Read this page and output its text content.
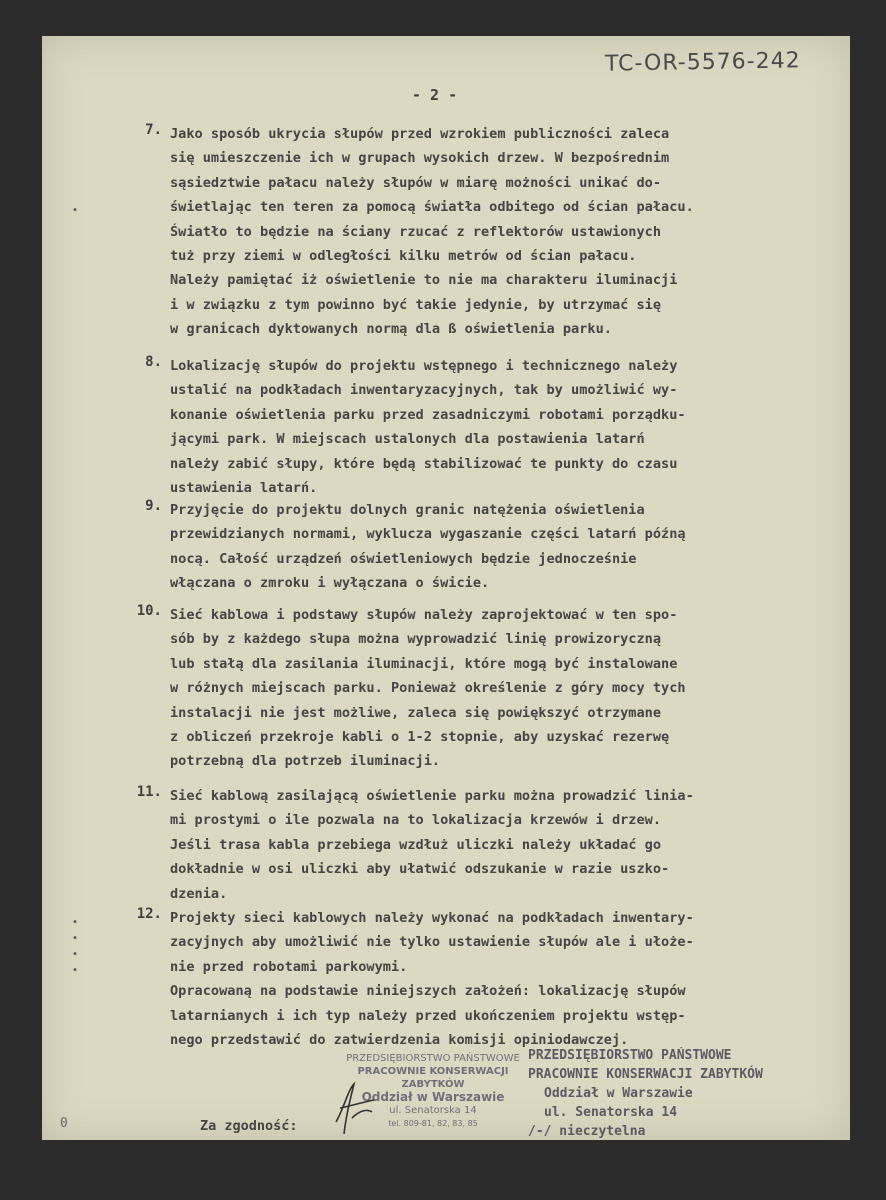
TC-OR-5576-242
- 2 -
•
•
•
•
•
7. Jako sposób ukrycia słupów przed wzrokiem publiczności zaleca
się umieszczenie ich w grupach wysokich drzew. W bezpośrednim
sąsiedztwie pałacu należy słupów w miarę możności unikać do-
świetlając ten teren za pomocą światła odbitego od ścian pałacu.
Światło to będzie na ściany rzucać z reflektorów ustawionych
tuż przy ziemi w odległości kilku metrów od ścian pałacu.
Należy pamiętać iż oświetlenie to nie ma charakteru iluminacji
i w związku z tym powinno być takie jedynie, by utrzymać się
w granicach dyktowanych normą dla ß oświetlenia parku.
8. Lokalizację słupów do projektu wstępnego i technicznego należy
ustalić na podkładach inwentaryzacyjnych, tak by umożliwić wy-
konanie oświetlenia parku przed zasadniczymi robotami porządku-
jącymi park. W miejscach ustalonych dla postawienia latarń
należy zabić słupy, które będą stabilizować te punkty do czasu
ustawienia latarń.
9. Przyjęcie do projektu dolnych granic natężenia oświetlenia
przewidzianych normami, wyklucza wygaszanie części latarń późną
nocą. Całość urządzeń oświetleniowych będzie jednocześnie
włączana o zmroku i wyłączana o świcie.
10. Sieć kablowa i podstawy słupów należy zaprojektować w ten spo-
sób by z każdego słupa można wyprowadzić linię prowizoryczną
lub stałą dla zasilania iluminacji, które mogą być instalowane
w różnych miejscach parku. Ponieważ określenie z góry mocy tych
instalacji nie jest możliwe, zaleca się powiększyć otrzymane
z obliczeń przekroje kabli o 1-2 stopnie, aby uzyskać rezerwę
potrzebną dla potrzeb iluminacji.
11. Sieć kablową zasilającą oświetlenie parku można prowadzić linia-
mi prostymi o ile pozwala na to lokalizacja krzewów i drzew.
Jeśli trasa kabla przebiega wzdłuż uliczki należy układać go
dokładnie w osi uliczki aby ułatwić odszukanie w razie uszko-
dzenia.
12. Projekty sieci kablowych należy wykonać na podkładach inwentary-
zacyjnych aby umożliwić nie tylko ustawienie słupów ale i ułoże-
nie przed robotami parkowymi.
Opracowaną na podstawie niniejszych założeń: lokalizację słupów
latarnianych i ich typ należy przed ukończeniem projektu wstęp-
nego przedstawić do zatwierdzenia komisji opiniodawczej.
PRZEDSIĘBIORSTWO PAŃSTWOWE
PRACOWNIE KONSERWACJI ZABYTKÓW
Oddział w Warszawie
ul. Senatorska 14
tel. 809-81, 82, 83, 85
PRZEDSIĘBIORSTWO PAŃSTWOWE
PRACOWNIE KONSERWACJI ZABYTKÓW
Oddział w Warszawie
ul. Senatorska 14
/-/ nieczytelna
Za zgodność:
0
